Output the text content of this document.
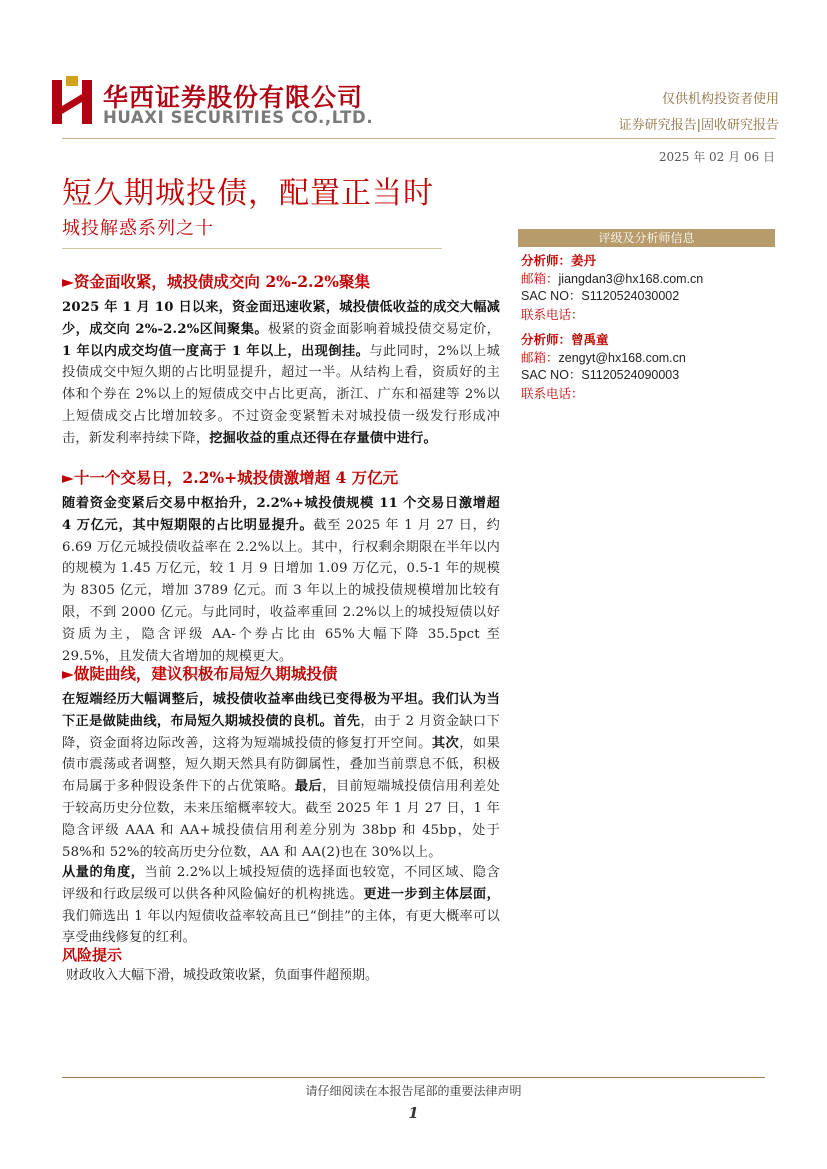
华西证券股份有限公司
HUAXI SECURITIES CO.,LTD.
仅供机构投资者使用
证券研究报告|固收研究报告
2025 年 02 月 06 日
短久期城投债，配置正当时
城投解惑系列之十	评级及分析师信息
分析师：姜丹
邮箱：jiangdan3@hx168.com.cn
SAC NO：S1120524030002
联系电话：
分析师：曾禹童
邮箱：zengyt@hx168.com.cn
SAC NO：S1120524090003
联系电话：
►资金面收紧，城投债成交向 2%-2.2%聚集
2025 年 1 月 10 日以来，资金面迅速收紧，城投债低收益的成交大幅减少，成交向 2%-2.2%区间聚集。极紧的资金面影响着城投债交易定价，1 年以内成交均值一度高于 1 年以上，出现倒挂。与此同时，2%以上城投债成交中短久期的占比明显提升，超过一半。从结构上看，资质好的主体和个券在 2%以上的短债成交中占比更高，浙江、广东和福建等 2%以上短债成交占比增加较多。不过资金变紧暂未对城投债一级发行形成冲击，新发利率持续下降，挖掘收益的重点还得在存量债中进行。
►十一个交易日，2.2%+城投债激增超 4 万亿元
随着资金变紧后交易中枢抬升，2.2%+城投债规模 11 个交易日激增超 4 万亿元，其中短期限的占比明显提升。截至 2025 年 1 月 27 日，约 6.69 万亿元城投债收益率在 2.2%以上。其中，行权剩余期限在半年以内的规模为 1.45 万亿元，较 1 月 9 日增加 1.09 万亿元，0.5-1 年的规模为 8305 亿元，增加 3789 亿元。而 3 年以上的城投债规模增加比较有限，不到 2000 亿元。与此同时，收益率重回 2.2%以上的城投短债以好资质为主，隐含评级 AA-个券占比由 65%大幅下降 35.5pct 至 29.5%，且发债大省增加的规模更大。
►做陡曲线，建议积极布局短久期城投债
在短端经历大幅调整后，城投债收益率曲线已变得极为平坦。我们认为当下正是做陡曲线，布局短久期城投债的良机。首先，由于 2 月资金缺口下降，资金面将边际改善，这将为短端城投债的修复打开空间。其次，如果债市震荡或者调整，短久期天然具有防御属性，叠加当前票息不低，积极布局属于多种假设条件下的占优策略。最后，目前短端城投债信用利差处于较高历史分位数，未来压缩概率较大。截至 2025 年 1 月 27 日，1 年隐含评级 AAA 和 AA+城投债信用利差分别为 38bp 和 45bp，处于 58%和 52%的较高历史分位数，AA 和 AA(2)也在 30%以上。
从量的角度，当前 2.2%以上城投短债的选择面也较宽，不同区域、隐含评级和行政层级可以供各种风险偏好的机构挑选。更进一步到主体层面，我们筛选出 1 年以内短债收益率较高且已“倒挂”的主体，有更大概率可以享受曲线修复的红利。
风险提示
财政收入大幅下滑，城投政策收紧，负面事件超预期。
请仔细阅读在本报告尾部的重要法律声明
1
